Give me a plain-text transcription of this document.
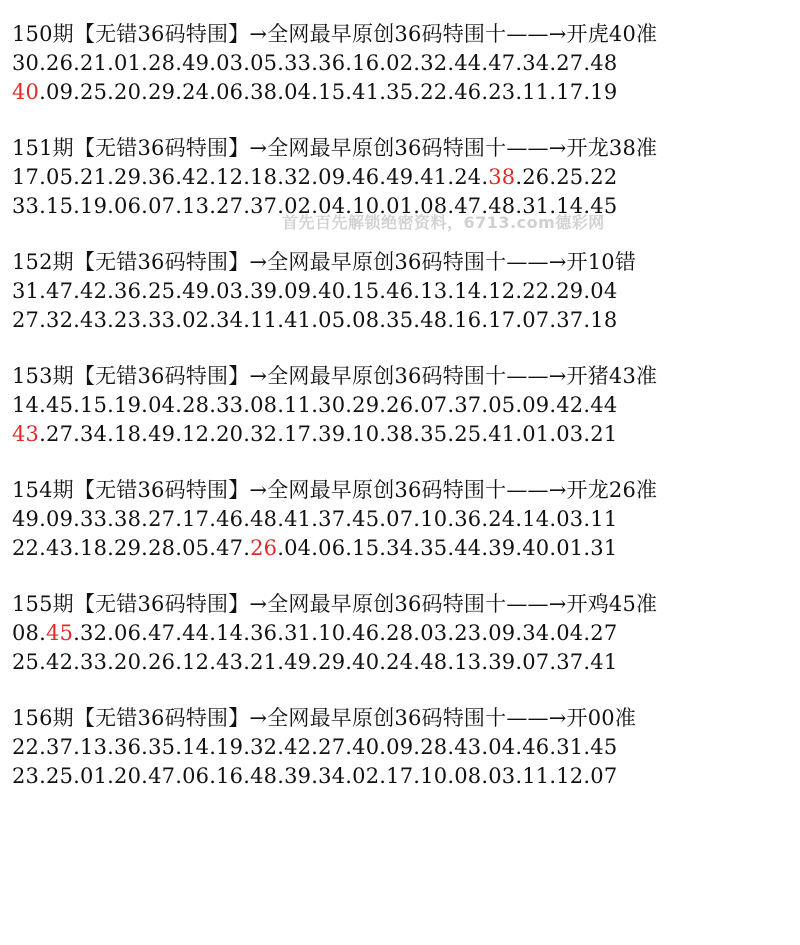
150期【无错36码特围】→全网最早原创36码特围十——→开虎40准
30.26.21.01.28.49.03.05.33.36.16.02.32.44.47.34.27.48
40.09.25.20.29.24.06.38.04.15.41.35.22.46.23.11.17.19
151期【无错36码特围】→全网最早原创36码特围十——→开龙38准
17.05.21.29.36.42.12.18.32.09.46.49.41.24.38.26.25.22
33.15.19.06.07.13.27.37.02.04.10.01.08.47.48.31.14.45
152期【无错36码特围】→全网最早原创36码特围十——→开10错
31.47.42.36.25.49.03.39.09.40.15.46.13.14.12.22.29.04
27.32.43.23.33.02.34.11.41.05.08.35.48.16.17.07.37.18
153期【无错36码特围】→全网最早原创36码特围十——→开猪43准
14.45.15.19.04.28.33.08.11.30.29.26.07.37.05.09.42.44
43.27.34.18.49.12.20.32.17.39.10.38.35.25.41.01.03.21
154期【无错36码特围】→全网最早原创36码特围十——→开龙26准
49.09.33.38.27.17.46.48.41.37.45.07.10.36.24.14.03.11
22.43.18.29.28.05.47.26.04.06.15.34.35.44.39.40.01.31
155期【无错36码特围】→全网最早原创36码特围十——→开鸡45准
08.45.32.06.47.44.14.36.31.10.46.28.03.23.09.34.04.27
25.42.33.20.26.12.43.21.49.29.40.24.48.13.39.07.37.41
156期【无错36码特围】→全网最早原创36码特围十——→开00准
22.37.13.36.35.14.19.32.42.27.40.09.28.43.04.46.31.45
23.25.01.20.47.06.16.48.39.34.02.17.10.08.03.11.12.07
首先百先解锁绝密资料，6713.com德彩网
